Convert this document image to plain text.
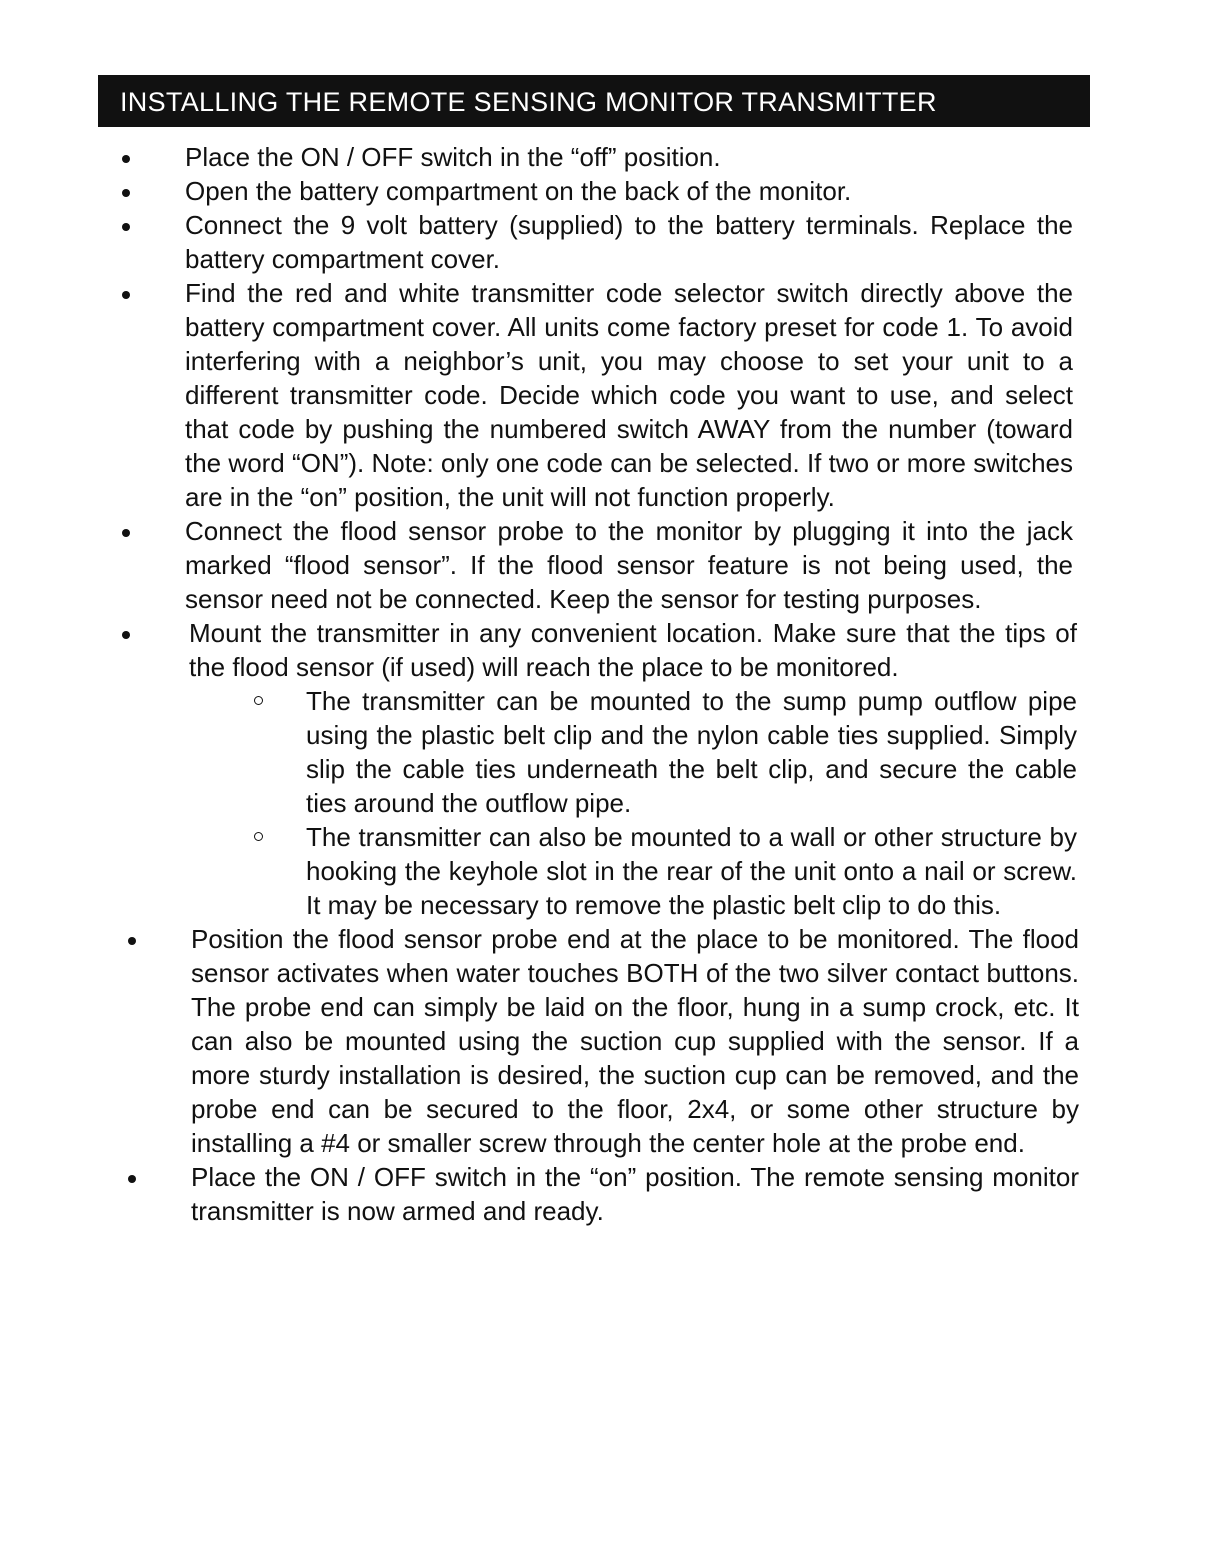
INSTALLING THE REMOTE SENSING MONITOR TRANSMITTER
Place the ON / OFF switch in the “off” position.
Open the battery compartment on the back of the monitor.
Connect the 9 volt battery (supplied) to the battery terminals. Replace the battery compartment cover.
Find the red and white transmitter code selector switch directly above the battery compartment cover. All units come factory preset for code 1. To avoid interfering with a neighbor’s unit, you may choose to set your unit to a different transmitter code. Decide which code you want to use, and select that code by pushing the numbered switch AWAY from the number (toward the word “ON”). Note: only one code can be selected. If two or more switches are in the “on” position, the unit will not function properly.
Connect the flood sensor probe to the monitor by plugging it into the jack marked “flood sensor”. If the flood sensor feature is not being used, the sensor need not be connected. Keep the sensor for testing purposes.
Mount the transmitter in any convenient location. Make sure that the tips of the flood sensor (if used) will reach the place to be monitored.
The transmitter can be mounted to the sump pump outflow pipe using the plastic belt clip and the nylon cable ties supplied. Simply slip the cable ties underneath the belt clip, and secure the cable ties around the outflow pipe.
The transmitter can also be mounted to a wall or other structure by hooking the keyhole slot in the rear of the unit onto a nail or screw. It may be necessary to remove the plastic belt clip to do this.
Position the flood sensor probe end at the place to be monitored. The flood sensor activates when water touches BOTH of the two silver contact buttons. The probe end can simply be laid on the floor, hung in a sump crock, etc. It can also be mounted using the suction cup supplied with the sensor. If a more sturdy installation is desired, the suction cup can be removed, and the probe end can be secured to the floor, 2x4, or some other structure by installing a #4 or smaller screw through the center hole at the probe end.
Place the ON / OFF switch in the “on” position. The remote sensing monitor transmitter is now armed and ready.
